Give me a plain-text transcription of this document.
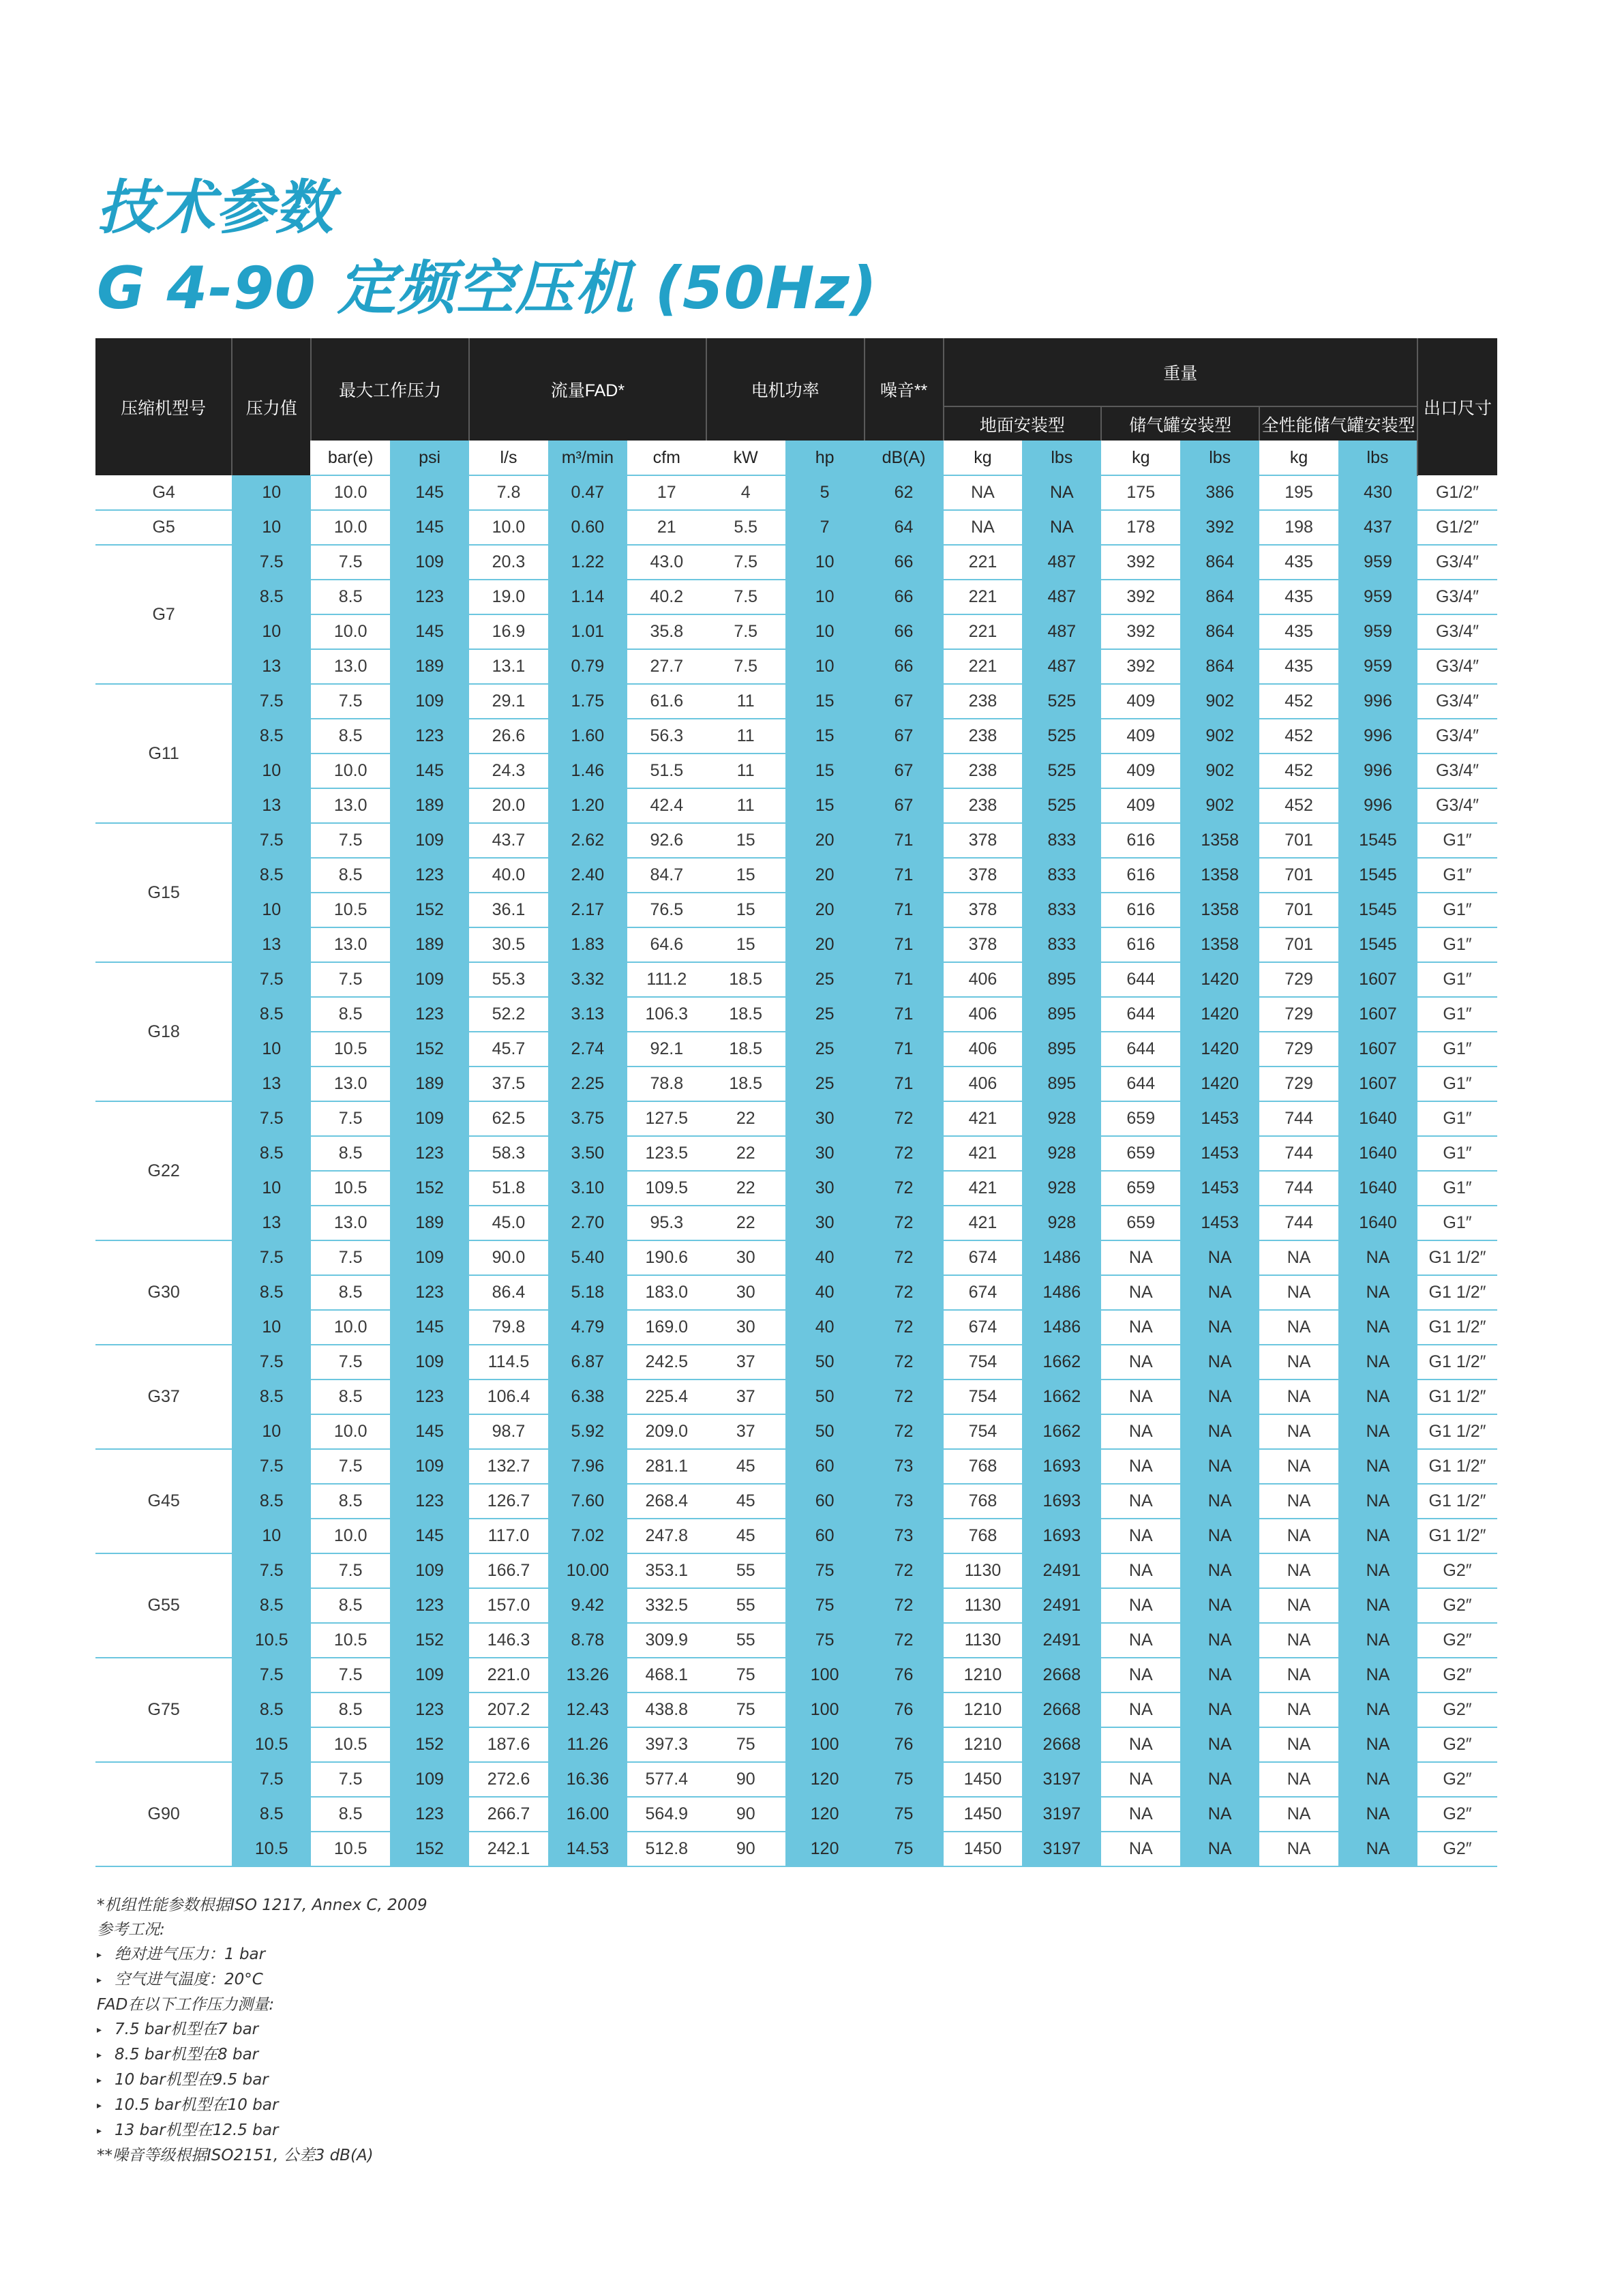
技术参数
G 4-90 定频空压机 (50Hz)
压缩机型号	压力值	最大工作压力		流量FAD*			电机功率		噪音**	重量						出口尺寸
										地面安装型		储气罐安装型		全性能储气罐安装型		
		bar(e)	psi	l/s	m³/min	cfm	kW	hp	dB(A)	kg	lbs	kg	lbs	kg	lbs	
G4	10	10.0	145	7.8	0.47	17	4	5	62	NA	NA	175	386	195	430	G1/2″
G5	10	10.0	145	10.0	0.60	21	5.5	7	64	NA	NA	178	392	198	437	G1/2″
G7	7.5	7.5	109	20.3	1.22	43.0	7.5	10	66	221	487	392	864	435	959	G3/4″
	8.5	8.5	123	19.0	1.14	40.2	7.5	10	66	221	487	392	864	435	959	G3/4″
	10	10.0	145	16.9	1.01	35.8	7.5	10	66	221	487	392	864	435	959	G3/4″
	13	13.0	189	13.1	0.79	27.7	7.5	10	66	221	487	392	864	435	959	G3/4″
G11	7.5	7.5	109	29.1	1.75	61.6	11	15	67	238	525	409	902	452	996	G3/4″
	8.5	8.5	123	26.6	1.60	56.3	11	15	67	238	525	409	902	452	996	G3/4″
	10	10.0	145	24.3	1.46	51.5	11	15	67	238	525	409	902	452	996	G3/4″
	13	13.0	189	20.0	1.20	42.4	11	15	67	238	525	409	902	452	996	G3/4″
G15	7.5	7.5	109	43.7	2.62	92.6	15	20	71	378	833	616	1358	701	1545	G1″
	8.5	8.5	123	40.0	2.40	84.7	15	20	71	378	833	616	1358	701	1545	G1″
	10	10.5	152	36.1	2.17	76.5	15	20	71	378	833	616	1358	701	1545	G1″
	13	13.0	189	30.5	1.83	64.6	15	20	71	378	833	616	1358	701	1545	G1″
G18	7.5	7.5	109	55.3	3.32	111.2	18.5	25	71	406	895	644	1420	729	1607	G1″
	8.5	8.5	123	52.2	3.13	106.3	18.5	25	71	406	895	644	1420	729	1607	G1″
	10	10.5	152	45.7	2.74	92.1	18.5	25	71	406	895	644	1420	729	1607	G1″
	13	13.0	189	37.5	2.25	78.8	18.5	25	71	406	895	644	1420	729	1607	G1″
G22	7.5	7.5	109	62.5	3.75	127.5	22	30	72	421	928	659	1453	744	1640	G1″
	8.5	8.5	123	58.3	3.50	123.5	22	30	72	421	928	659	1453	744	1640	G1″
	10	10.5	152	51.8	3.10	109.5	22	30	72	421	928	659	1453	744	1640	G1″
	13	13.0	189	45.0	2.70	95.3	22	30	72	421	928	659	1453	744	1640	G1″
G30	7.5	7.5	109	90.0	5.40	190.6	30	40	72	674	1486	NA	NA	NA	NA	G1 1/2″
	8.5	8.5	123	86.4	5.18	183.0	30	40	72	674	1486	NA	NA	NA	NA	G1 1/2″
	10	10.0	145	79.8	4.79	169.0	30	40	72	674	1486	NA	NA	NA	NA	G1 1/2″
G37	7.5	7.5	109	114.5	6.87	242.5	37	50	72	754	1662	NA	NA	NA	NA	G1 1/2″
	8.5	8.5	123	106.4	6.38	225.4	37	50	72	754	1662	NA	NA	NA	NA	G1 1/2″
	10	10.0	145	98.7	5.92	209.0	37	50	72	754	1662	NA	NA	NA	NA	G1 1/2″
G45	7.5	7.5	109	132.7	7.96	281.1	45	60	73	768	1693	NA	NA	NA	NA	G1 1/2″
	8.5	8.5	123	126.7	7.60	268.4	45	60	73	768	1693	NA	NA	NA	NA	G1 1/2″
	10	10.0	145	117.0	7.02	247.8	45	60	73	768	1693	NA	NA	NA	NA	G1 1/2″
G55	7.5	7.5	109	166.7	10.00	353.1	55	75	72	1130	2491	NA	NA	NA	NA	G2″
	8.5	8.5	123	157.0	9.42	332.5	55	75	72	1130	2491	NA	NA	NA	NA	G2″
	10.5	10.5	152	146.3	8.78	309.9	55	75	72	1130	2491	NA	NA	NA	NA	G2″
G75	7.5	7.5	109	221.0	13.26	468.1	75	100	76	1210	2668	NA	NA	NA	NA	G2″
	8.5	8.5	123	207.2	12.43	438.8	75	100	76	1210	2668	NA	NA	NA	NA	G2″
	10.5	10.5	152	187.6	11.26	397.3	75	100	76	1210	2668	NA	NA	NA	NA	G2″
G90	7.5	7.5	109	272.6	16.36	577.4	90	120	75	1450	3197	NA	NA	NA	NA	G2″
	8.5	8.5	123	266.7	16.00	564.9	90	120	75	1450	3197	NA	NA	NA	NA	G2″
	10.5	10.5	152	242.1	14.53	512.8	90	120	75	1450	3197	NA	NA	NA	NA	G2″
*机组性能参数根据ISO 1217, Annex C, 2009
参考工况:
▸ 绝对进气压力：1 bar
▸ 空气进气温度：20°C
FAD在以下工作压力测量:
▸ 7.5 bar机型在7 bar
▸ 8.5 bar机型在8 bar
▸ 10 bar机型在9.5 bar
▸ 10.5 bar机型在10 bar
▸ 13 bar机型在12.5 bar
**噪音等级根据ISO2151, 公差3 dB(A)
